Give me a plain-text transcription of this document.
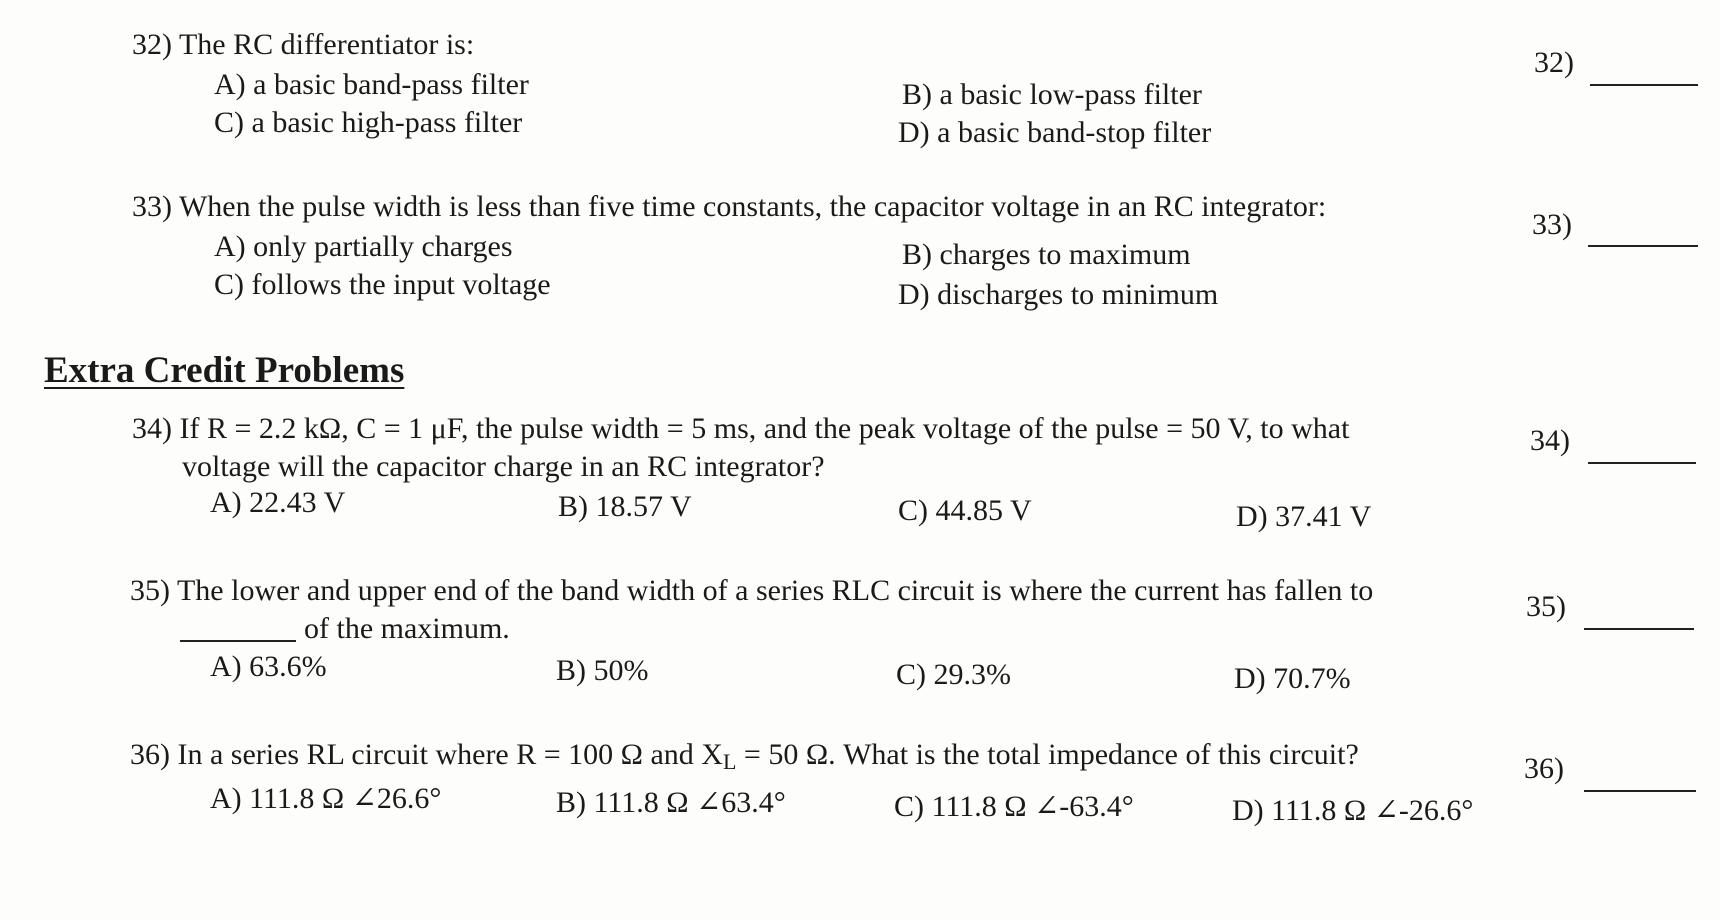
32) The RC differentiator is:
A) a basic band-pass filter
C) a basic high-pass filter
B) a basic low-pass filter
D) a basic band-stop filter
32)
33) When the pulse width is less than five time constants, the capacitor voltage in an RC integrator:
A) only partially charges
C) follows the input voltage
B) charges to maximum
D) discharges to minimum
33)
Extra Credit Problems
34) If R = 2.2 kΩ, C = 1 μF, the pulse width = 5 ms, and the peak voltage of the pulse = 50 V, to what
voltage will the capacitor charge in an RC integrator?
A) 22.43 V	B) 18.57 V	C) 44.85 V	D) 37.41 V
34)
35) The lower and upper end of the band width of a series RLC circuit is where the current has fallen to
of the maximum.
A) 63.6%	B) 50%	C) 29.3%	D) 70.7%
35)
36) In a series RL circuit where R = 100 Ω and $X_L = 50$ Ω. What is the total impedance of this circuit?
A) 111.8 Ω ∠26.6°	B) 111.8 Ω ∠63.4°	C) 111.8 Ω ∠-63.4°	D) 111.8 Ω ∠-26.6°
36)
